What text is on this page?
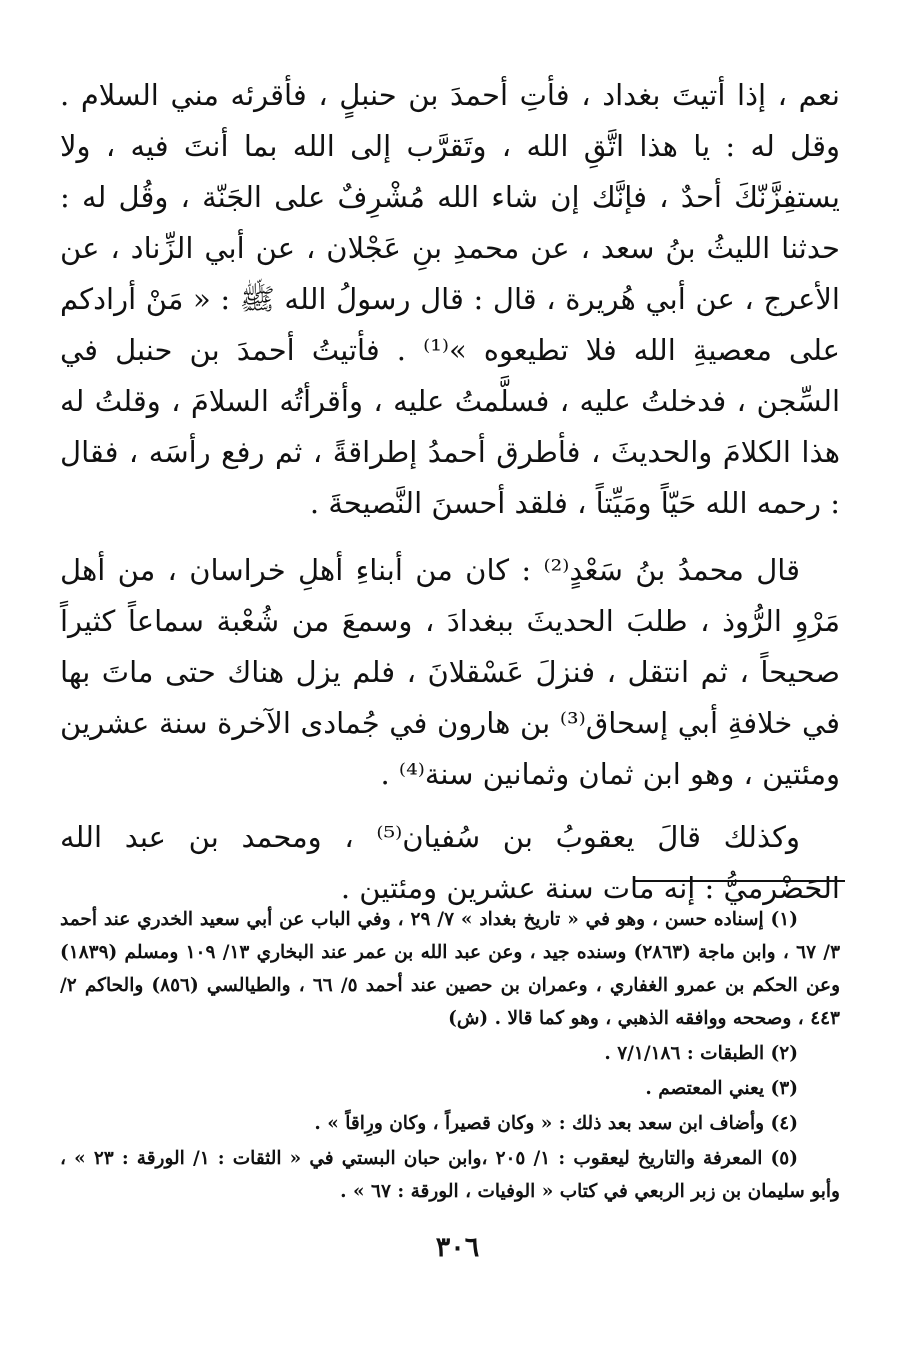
نعم ، إذا أتيتَ بغداد ، فأتِ أحمدَ بن حنبلٍ ، فأقرئه مني السلام . وقل له : يا هذا اتَّقِ الله ، وتَقرَّب إلى الله بما أنتَ فيه ، ولا يستفِزَّنّكَ أحدٌ ، فإنَّك إن شاء الله مُشْرِفٌ على الجَنّة ، وقُل له : حدثنا الليثُ بنُ سعد ، عن محمدِ بنِ عَجْلان ، عن أبي الزِّناد ، عن الأعرج ، عن أبي هُريرة ، قال : قال رسولُ الله ﷺ : « مَنْ أرادكم على معصيةِ الله فلا تطيعوه »⁽¹⁾ . فأتيتُ أحمدَ بن حنبل في السِّجن ، فدخلتُ عليه ، فسلَّمتُ عليه ، وأقرأتُه السلامَ ، وقلتُ له هذا الكلامَ والحديثَ ، فأطرق أحمدُ إطراقةً ، ثم رفع رأسَه ، فقال : رحمه الله حَيّاً ومَيِّتاً ، فلقد أحسنَ النَّصيحةَ .

قال محمدُ بنُ سَعْدٍ⁽²⁾ : كان من أبناءِ أهلِ خراسان ، من أهل مَرْوِ الرُّوذ ، طلبَ الحديثَ ببغدادَ ، وسمعَ من شُعْبة سماعاً كثيراً صحيحاً ، ثم انتقل ، فنزلَ عَسْقلانَ ، فلم يزل هناك حتى ماتَ بها في خلافةِ أبي إسحاق⁽³⁾ بن هارون في جُمادى الآخرة سنة عشرين ومئتين ، وهو ابن ثمان وثمانين سنة⁽⁴⁾ .

وكذلك قالَ يعقوبُ بن سُفيان⁽⁵⁾ ، ومحمد بن عبد الله الحَضْرميُّ : إنه مات سنة عشرين ومئتين .

(١) إسناده حسن ، وهو في « تاريخ بغداد » ٧/ ٢٩ ، وفي الباب عن أبي سعيد الخدري عند أحمد ٣/ ٦٧ ، وابن ماجة (٢٨٦٣) وسنده جيد ، وعن عبد الله بن عمر عند البخاري ١٣/ ١٠٩ ومسلم (١٨٣٩) وعن الحكم بن عمرو الغفاري ، وعمران بن حصين عند أحمد ٥/ ٦٦ ، والطيالسي (٨٥٦) والحاكم ٢/ ٤٤٣ ، وصححه ووافقه الذهبي ، وهو كما قالا . (ش)

(٢) الطبقات : ٧/١/١٨٦ .

(٣) يعني المعتصم .

(٤) وأضاف ابن سعد بعد ذلك : « وكان قصيراً ، وكان ورِاقاً » .

(٥) المعرفة والتاريخ ليعقوب : ١/ ٢٠٥ ،وابن حبان البستي في « الثقات : ١/ الورقة : ٢٣ » ، وأبو سليمان بن زبر الربعي في كتاب « الوفيات ، الورقة : ٦٧ » .

٣٠٦
